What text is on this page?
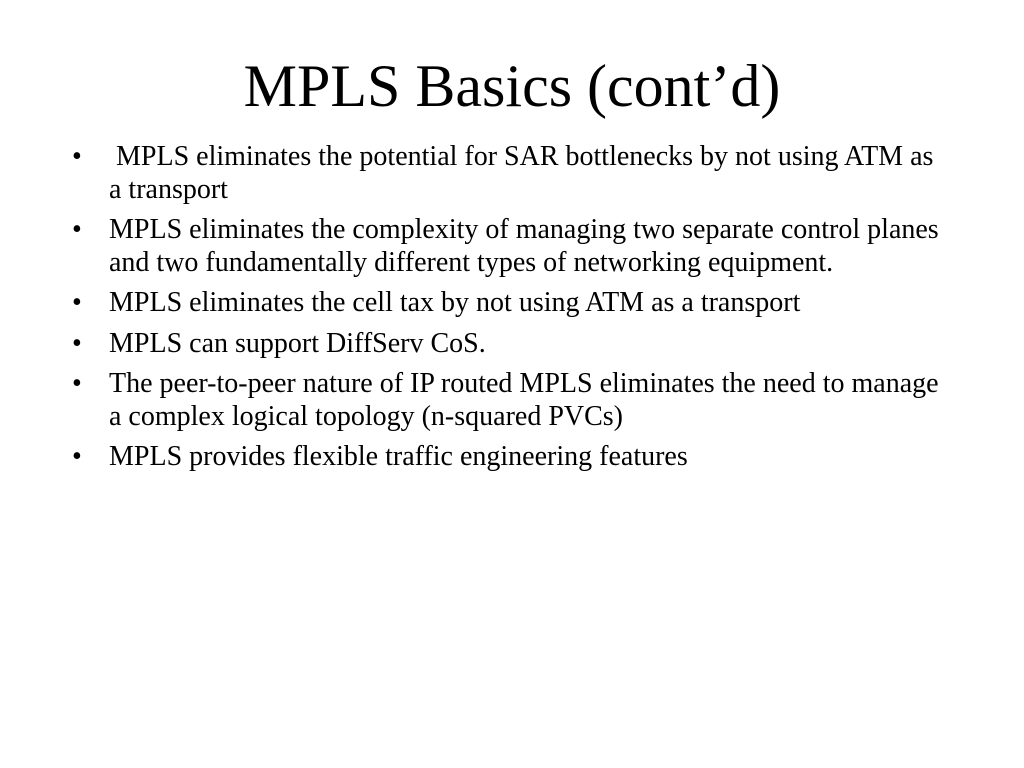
MPLS Basics (cont’d)
• MPLS eliminates the potential for SAR bottlenecks by not using ATM as a transport
• MPLS eliminates the complexity of managing two separate control planes and two fundamentally different types of networking equipment.
• MPLS eliminates the cell tax by not using ATM as a transport
• MPLS can support DiffServ CoS.
• The peer-to-peer nature of IP routed MPLS eliminates the need to manage a complex logical topology (n-squared PVCs)
• MPLS provides flexible traffic engineering features
